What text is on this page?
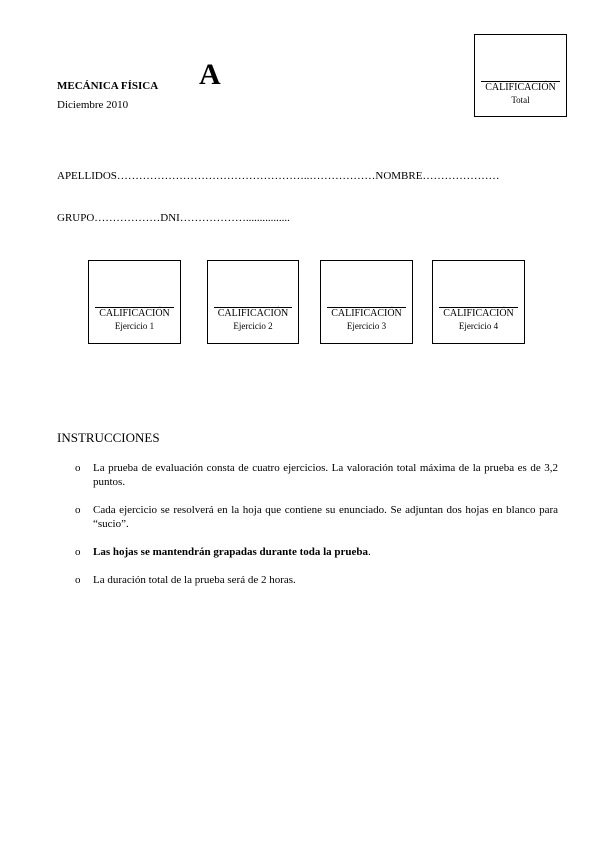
MECÁNICA FÍSICA
Diciembre 2010
A	CALIFICACIÓN
Total
APELLIDOS……………………………………………..………………NOMBRE…………………
GRUPO………………DNI………………................
CALIFICACIÓN
Ejercicio 1
CALIFICACIÓN
Ejercicio 2
CALIFICACIÓN
Ejercicio 3
CALIFICACIÓN
Ejercicio 4
INSTRUCCIONES
o La prueba de evaluación consta de cuatro ejercicios. La valoración total máxima de la prueba es de 3,2 puntos.
o Cada ejercicio se resolverá en la hoja que contiene su enunciado. Se adjuntan dos hojas en blanco para “sucio”.
o Las hojas se mantendrán grapadas durante toda la prueba.
o La duración total de la prueba será de 2 horas.
